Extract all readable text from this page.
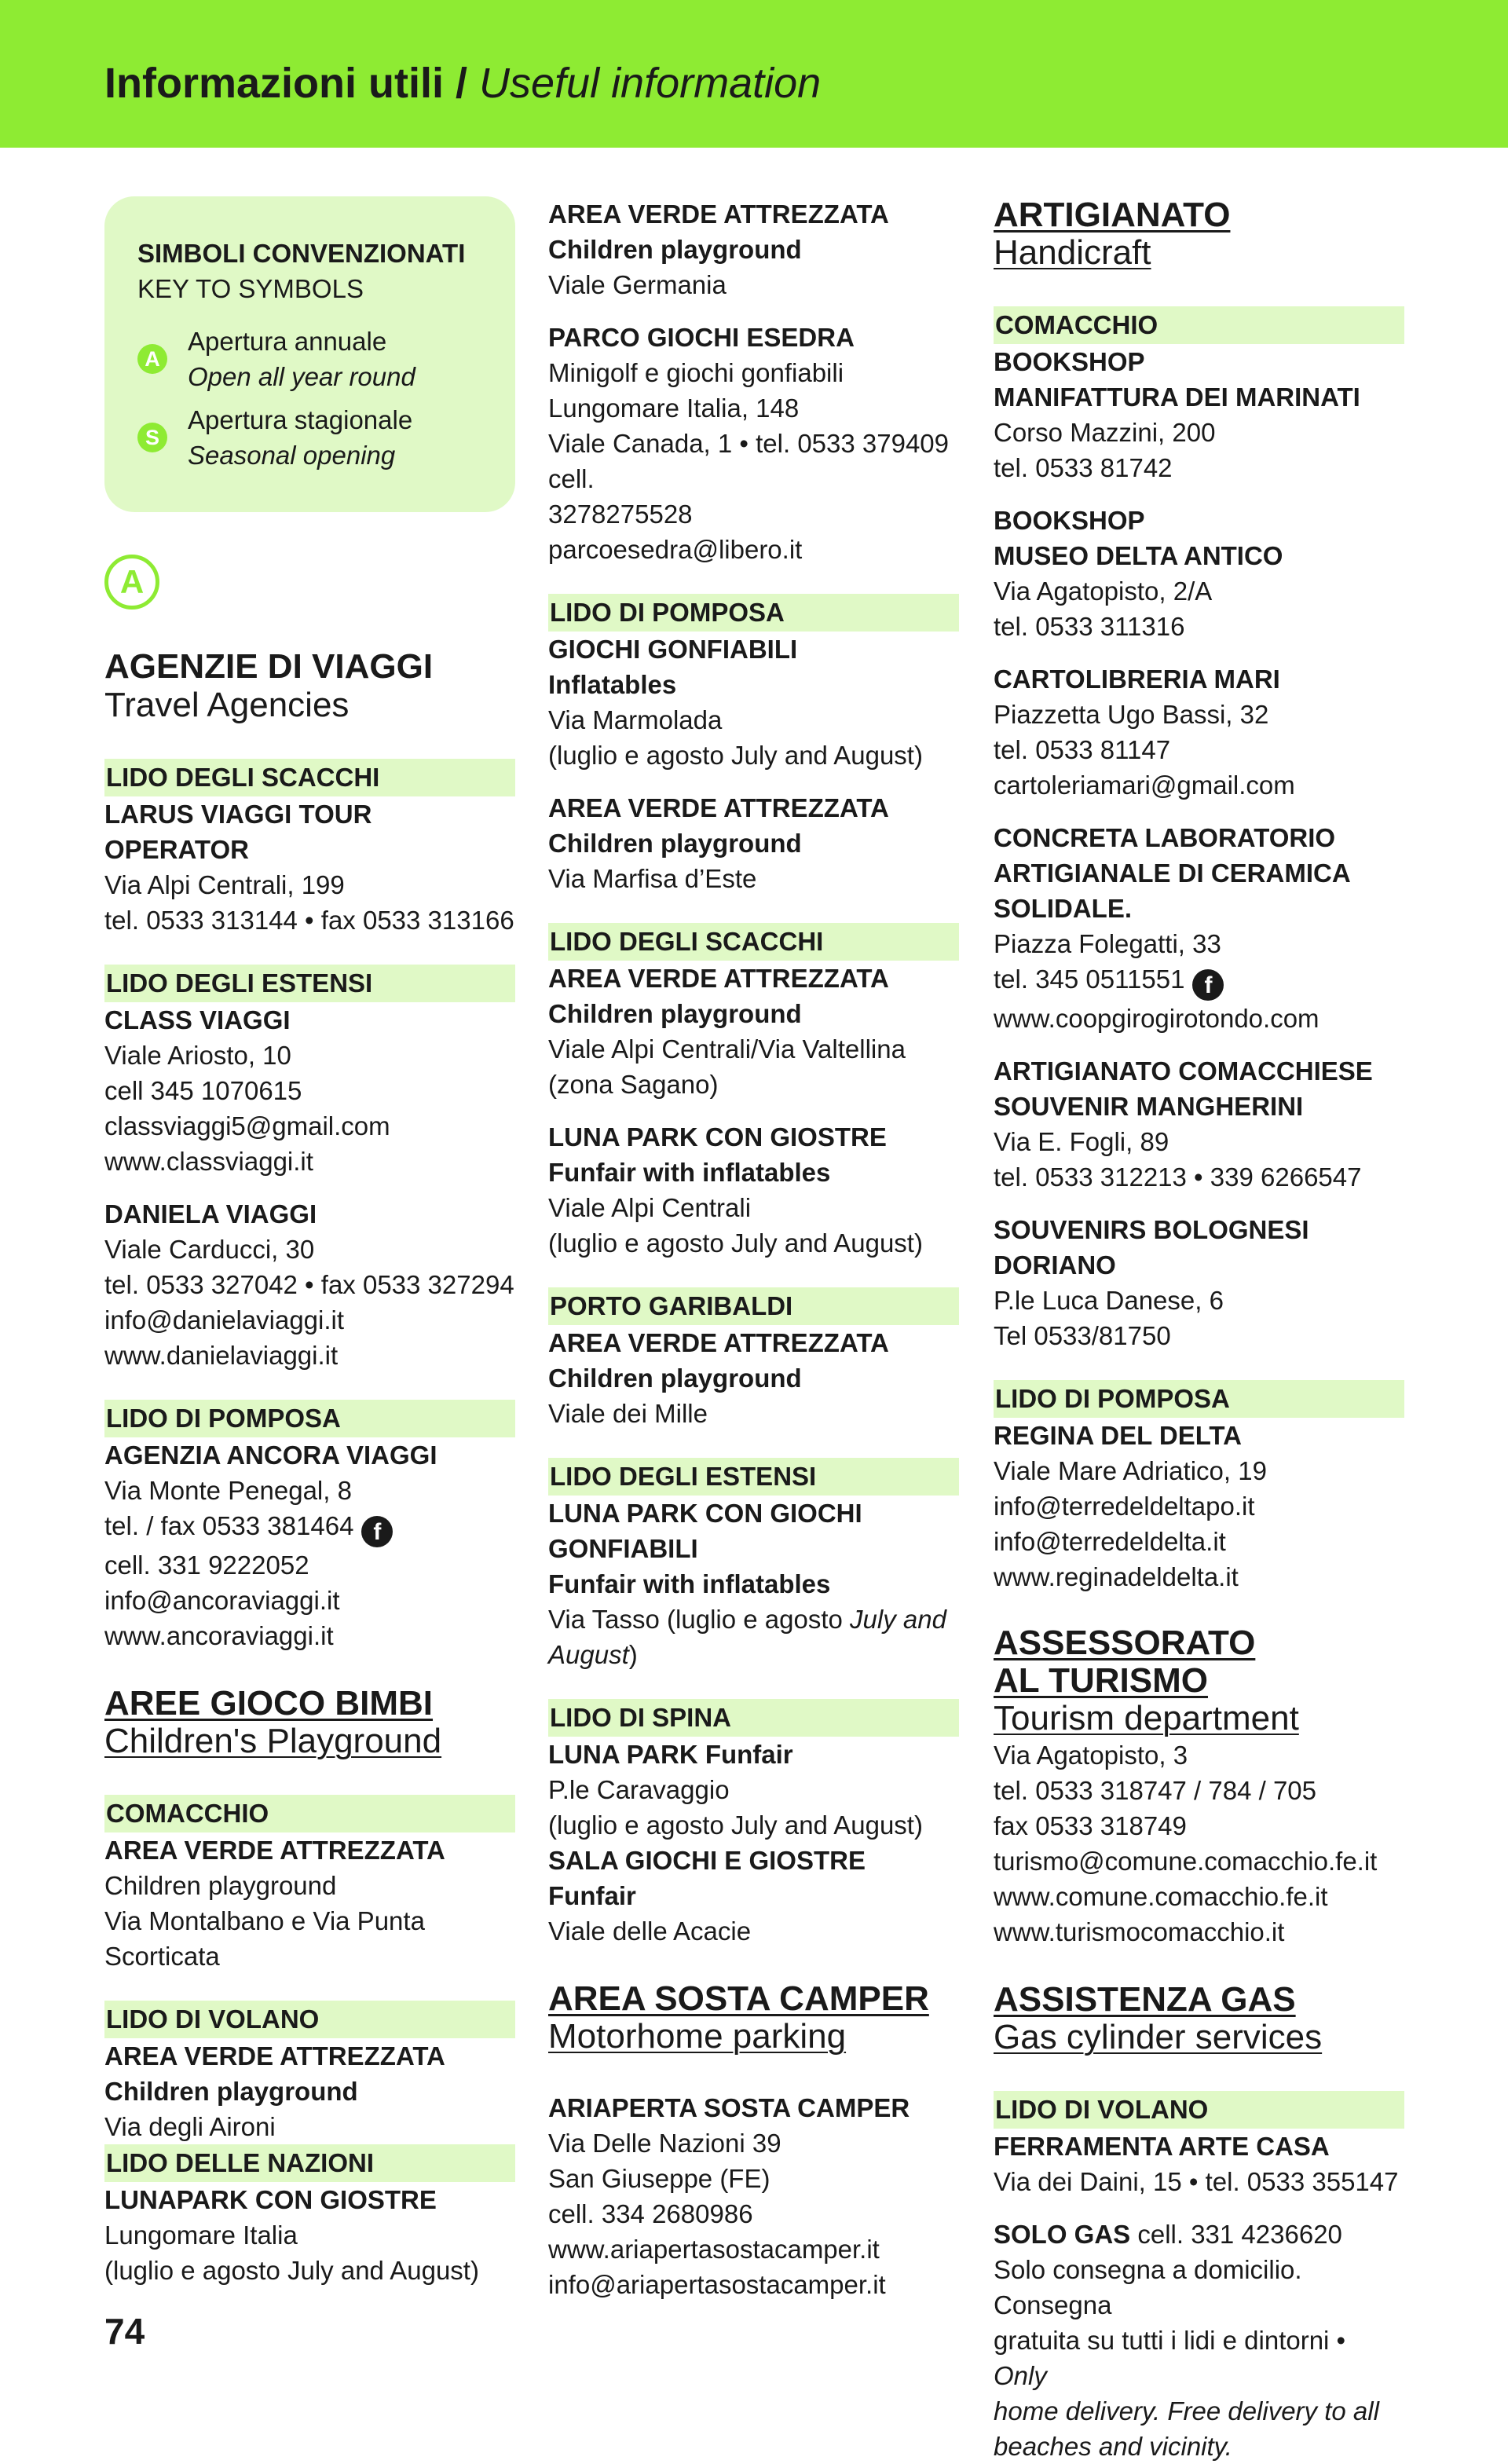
Informazioni utili / Useful information
SIMBOLI CONVENZIONATI
KEY TO SYMBOLS
A
Apertura annuale
Open all year round
S
Apertura stagionale
Seasonal opening
A
AGENZIE DI VIAGGI
Travel Agencies
LIDO DEGLI SCACCHI
LARUS VIAGGI TOUR OPERATOR
Via Alpi Centrali, 199
tel. 0533 313144 • fax 0533 313166
LIDO DEGLI ESTENSI
CLASS VIAGGI
Viale Ariosto, 10
cell 345 1070615
classviaggi5@gmail.com
www.classviaggi.it
DANIELA VIAGGI
Viale Carducci, 30
tel. 0533 327042 • fax 0533 327294
info@danielaviaggi.it
www.danielaviaggi.it
LIDO DI POMPOSA
AGENZIA ANCORA VIAGGI
Via Monte Penegal, 8
tel. / fax 0533 381464 f
cell. 331 9222052
info@ancoraviaggi.it
www.ancoraviaggi.it
AREE GIOCO BIMBI
Children's Playground
COMACCHIO
AREA VERDE ATTREZZATA
Children playground
Via Montalbano e Via Punta
Scorticata
LIDO DI VOLANO
AREA VERDE ATTREZZATA
Children playground
Via degli Aironi
LIDO DELLE NAZIONI
LUNAPARK CON GIOSTRE
Lungomare Italia
(luglio e agosto July and August)
AREA VERDE ATTREZZATA
Children playground
Viale Germania
PARCO GIOCHI ESEDRA
Minigolf e giochi gonfiabili
Lungomare Italia, 148
Viale Canada, 1 • tel. 0533 379409 cell.
3278275528
parcoesedra@libero.it
LIDO DI POMPOSA
GIOCHI GONFIABILI
Inflatables
Via Marmolada
(luglio e agosto July and August)
AREA VERDE ATTREZZATA
Children playground
Via Marfisa d’Este
LIDO DEGLI SCACCHI
AREA VERDE ATTREZZATA
Children playground
Viale Alpi Centrali/Via Valtellina
(zona Sagano)
LUNA PARK CON GIOSTRE
Funfair with inflatables
Viale Alpi Centrali
(luglio e agosto July and August)
PORTO GARIBALDI
AREA VERDE ATTREZZATA
Children playground
Viale dei Mille
LIDO DEGLI ESTENSI
LUNA PARK CON GIOCHI
GONFIABILI
Funfair with inflatables
Via Tasso (luglio e agosto July and
August)
LIDO DI SPINA
LUNA PARK Funfair
P.le Caravaggio
(luglio e agosto July and August)
SALA GIOCHI E GIOSTRE Funfair
Viale delle Acacie
AREA SOSTA CAMPER
Motorhome parking
ARIAPERTA SOSTA CAMPER
Via Delle Nazioni 39
San Giuseppe (FE)
cell. 334 2680986
www.ariapertasostacamper.it
info@ariapertasostacamper.it
ARTIGIANATO
Handicraft
COMACCHIO
BOOKSHOP
MANIFATTURA DEI MARINATI
Corso Mazzini, 200
tel. 0533 81742
BOOKSHOP
MUSEO DELTA ANTICO
Via Agatopisto, 2/A
tel. 0533 311316
CARTOLIBRERIA MARI
Piazzetta Ugo Bassi, 32
tel. 0533 81147
cartoleriamari@gmail.com
CONCRETA LABORATORIO
ARTIGIANALE DI CERAMICA SOLIDALE.
Piazza Folegatti, 33
tel. 345 0511551 f
www.coopgirogirotondo.com
ARTIGIANATO COMACCHIESE
SOUVENIR MANGHERINI
Via E. Fogli, 89
tel. 0533 312213 • 339 6266547
SOUVENIRS BOLOGNESI DORIANO
P.le Luca Danese, 6
Tel 0533/81750
LIDO DI POMPOSA
REGINA DEL DELTA
Viale Mare Adriatico, 19
info@terredeldeltapo.it
info@terredeldelta.it
www.reginadeldelta.it
ASSESSORATO
AL TURISMO
Tourism department
Via Agatopisto, 3
tel. 0533 318747 / 784 / 705
fax 0533 318749
turismo@comune.comacchio.fe.it
www.comune.comacchio.fe.it
www.turismocomacchio.it
ASSISTENZA GAS
Gas cylinder services
LIDO DI VOLANO
FERRAMENTA ARTE CASA
Via dei Daini, 15 • tel. 0533 355147
SOLO GAS cell. 331 4236620
Solo consegna a domicilio. Consegna
gratuita su tutti i lidi e dintorni • Only
home delivery. Free delivery to all
beaches and vicinity.
74
